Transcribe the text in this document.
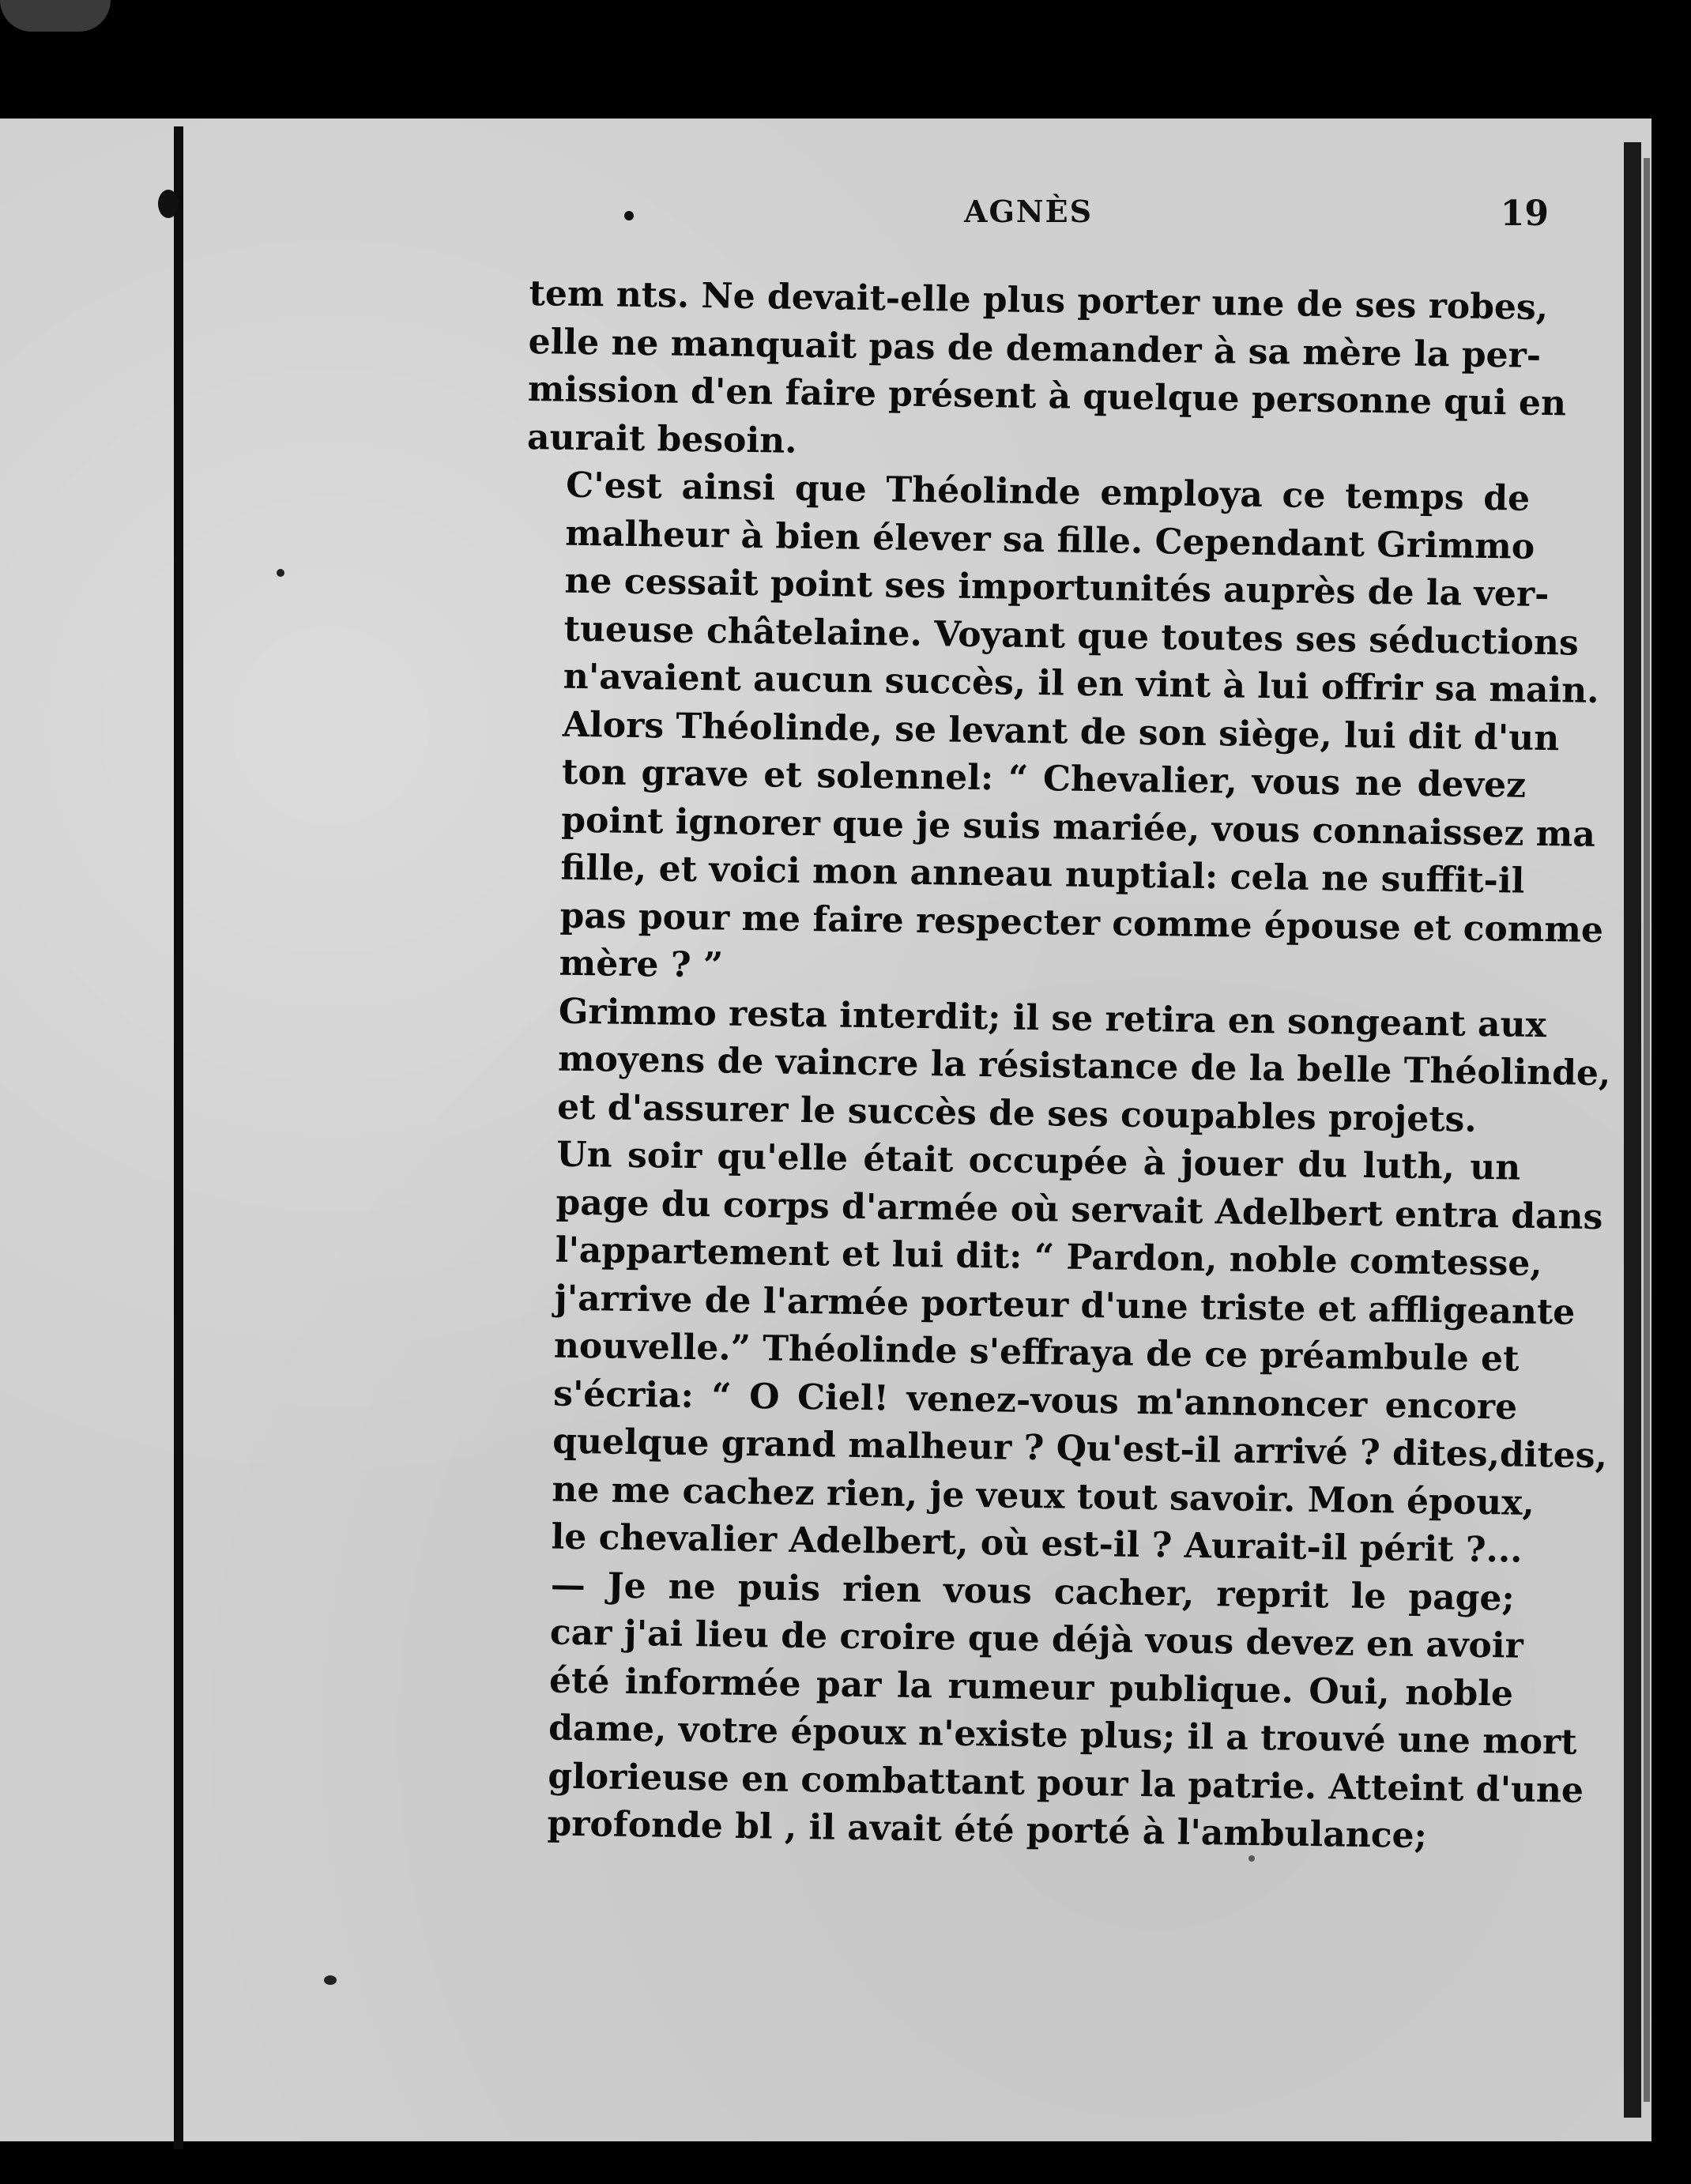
AGNÈS	19
tem nts. Ne devait-elle plus porter une de ses robes,
elle ne manquait pas de demander à sa mère la per-
mission d'en faire présent à quelque personne qui en
aurait besoin.
C'est ainsi que Théolinde employa ce temps de
malheur à bien élever sa fille. Cependant Grimmo
ne cessait point ses importunités auprès de la ver-
tueuse châtelaine. Voyant que toutes ses séductions
n'avaient aucun succès, il en vint à lui offrir sa main.
Alors Théolinde, se levant de son siège, lui dit d'un
ton grave et solennel: “ Chevalier, vous ne devez
point ignorer que je suis mariée, vous connaissez ma
fille, et voici mon anneau nuptial: cela ne suffit-il
pas pour me faire respecter comme épouse et comme
mère ? ”
Grimmo resta interdit; il se retira en songeant aux
moyens de vaincre la résistance de la belle Théolinde,
et d'assurer le succès de ses coupables projets.
Un soir qu'elle était occupée à jouer du luth, un
page du corps d'armée où servait Adelbert entra dans
l'appartement et lui dit: “ Pardon, noble comtesse,
j'arrive de l'armée porteur d'une triste et affligeante
nouvelle.” Théolinde s'effraya de ce préambule et
s'écria: “ O Ciel! venez-vous m'annoncer encore
quelque grand malheur ? Qu'est-il arrivé ? dites,dites,
ne me cachez rien, je veux tout savoir. Mon époux,
le chevalier Adelbert, où est-il ? Aurait-il périt ?...
— Je ne puis rien vous cacher, reprit le page;
car j'ai lieu de croire que déjà vous devez en avoir
été informée par la rumeur publique. Oui, noble
dame, votre époux n'existe plus; il a trouvé une mort
glorieuse en combattant pour la patrie. Atteint d'une
profonde bl , il avait été porté à l'ambulance;
